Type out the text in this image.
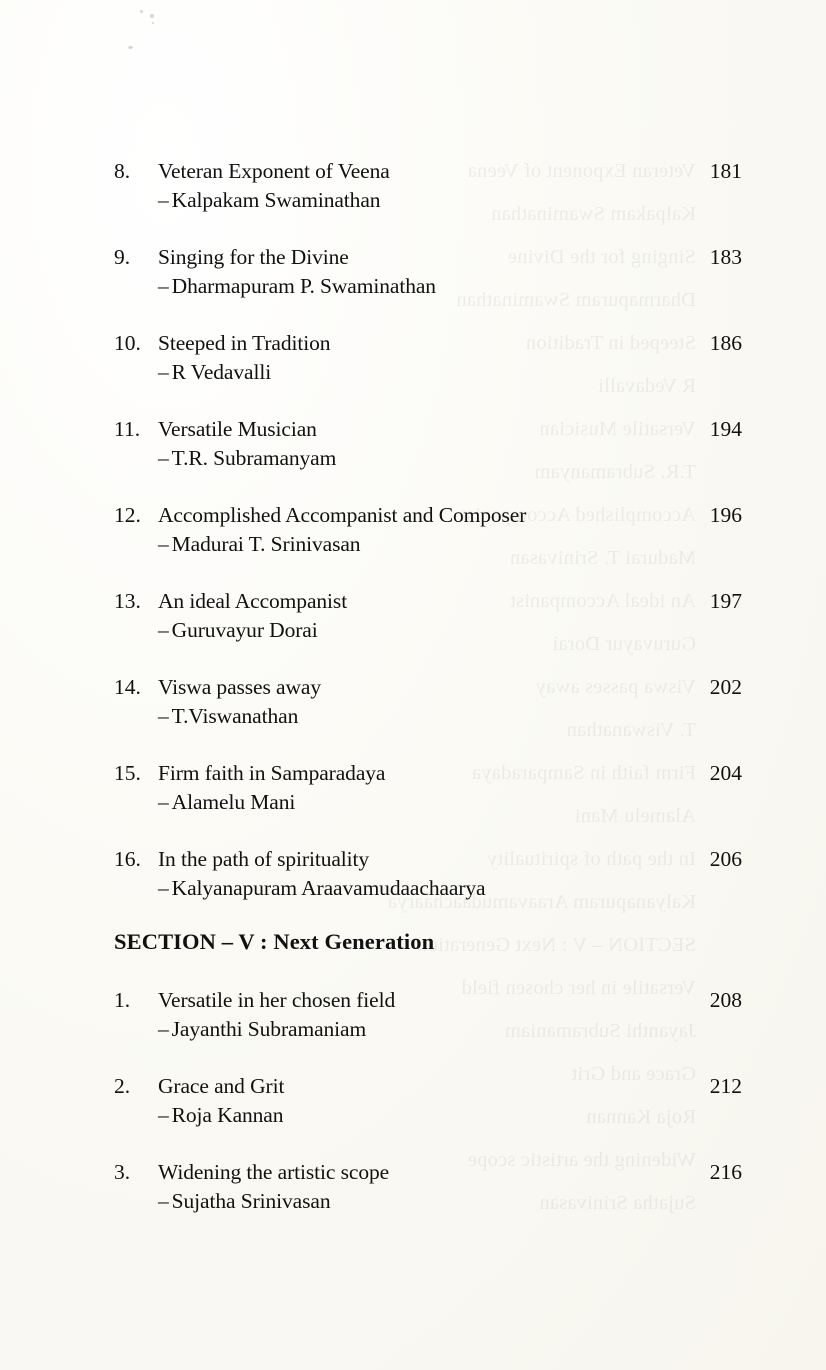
8.	Veteran Exponent of Veena	181
– Kalpakam Swaminathan
9.	Singing for the Divine	183
– Dharmapuram P. Swaminathan
10. Steeped in Tradition	186
– R Vedavalli
11. Versatile Musician	194
– T.R. Subramanyam
12. Accomplished Accompanist and Composer	196
– Madurai T. Srinivasan
13. An ideal Accompanist	197
– Guruvayur Dorai
14. Viswa passes away	202
– T.Viswanathan
15. Firm faith in Samparadaya	204
– Alamelu Mani
16. In the path of spirituality	206
– Kalyanapuram Araavamudaachaarya
SECTION – V : Next Generation
1.	Versatile in her chosen field	208
– Jayanthi Subramaniam
2.	Grace and Grit	212
– Roja Kannan
3.	Widening the artistic scope	216
– Sujatha Srinivasan
